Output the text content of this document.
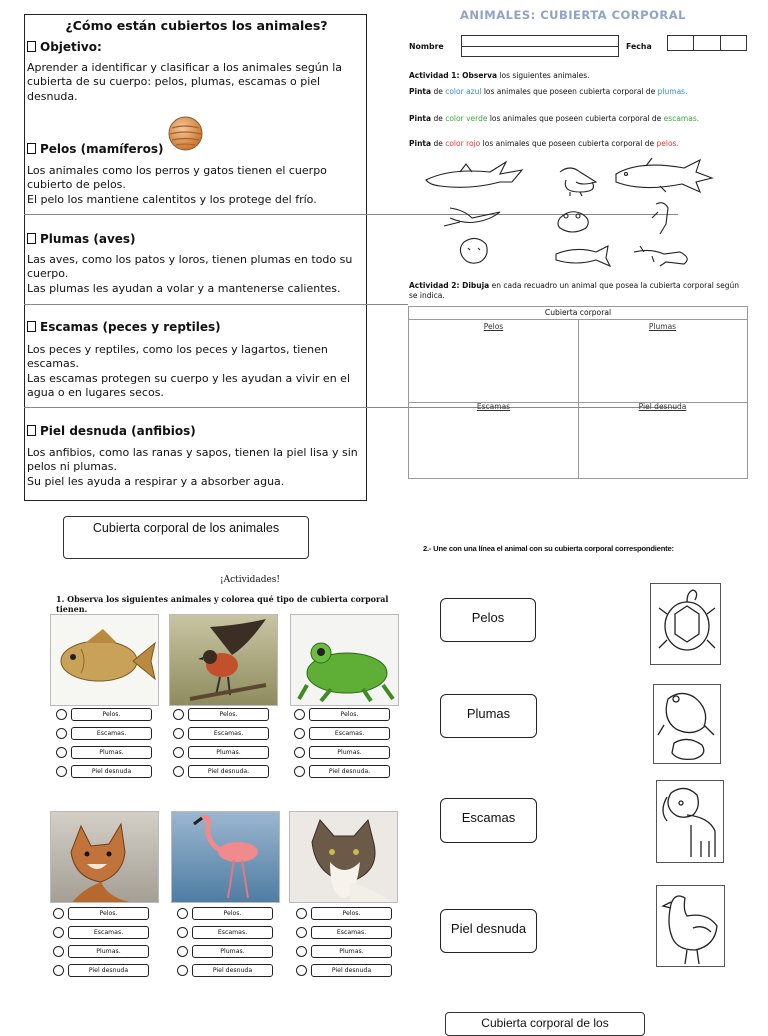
¿Cómo están cubiertos los animales?
Objetivo:
Aprender a identificar y clasificar a los animales según la cubierta de su cuerpo: pelos, plumas, escamas o piel desnuda.
Pelos (mamíferos)
Los animales como los perros y gatos tienen el cuerpo cubierto de pelos.
El pelo los mantiene calentitos y los protege del frío.
Plumas (aves)
Las aves, como los patos y loros, tienen plumas en todo su cuerpo.
Las plumas les ayudan a volar y a mantenerse calientes.
Escamas (peces y reptiles)
Los peces y reptiles, como los peces y lagartos, tienen escamas.
Las escamas protegen su cuerpo y les ayudan a vivir en el agua o en lugares secos.
Piel desnuda (anfibios)
Los anfibios, como las ranas y sapos, tienen la piel lisa y sin pelos ni plumas.
Su piel les ayuda a respirar y a absorber agua.
ANIMALES: CUBIERTA CORPORAL
Nombre	Fecha
Actividad 1: Observa los siguientes animales.
Pinta de color azul los animales que poseen cubierta corporal de plumas.
Pinta de color verde los animales que poseen cubierta corporal de escamas.
Pinta de color rojo los animales que poseen cubierta corporal de pelos.
Actividad 2: Dibuja en cada recuadro un animal que posea la cubierta corporal según se indica.
Cubierta corporal
Pelos	Plumas
Escamas	Piel desnuda
Cubierta corporal de los animales
¡Actividades!
1. Observa los siguientes animales y colorea qué tipo de cubierta corporal tienen.
Pelos.
Escamas.
Plumas.
Piel desnuda
Pelos.
Escamas.
Plumas.
Piel desnuda.
Pelos.
Escamas.
Plumas.
Piel desnuda.
Pelos.
Escamas.
Plumas.
Piel desnuda
Pelos.
Escamas.
Plumas.
Piel desnuda
Pelos.
Escamas.
Plumas.
Piel desnuda
2.- Une con una línea el animal con su cubierta corporal correspondiente:
Pelos
Plumas
Escamas
Piel desnuda
Cubierta corporal de los
